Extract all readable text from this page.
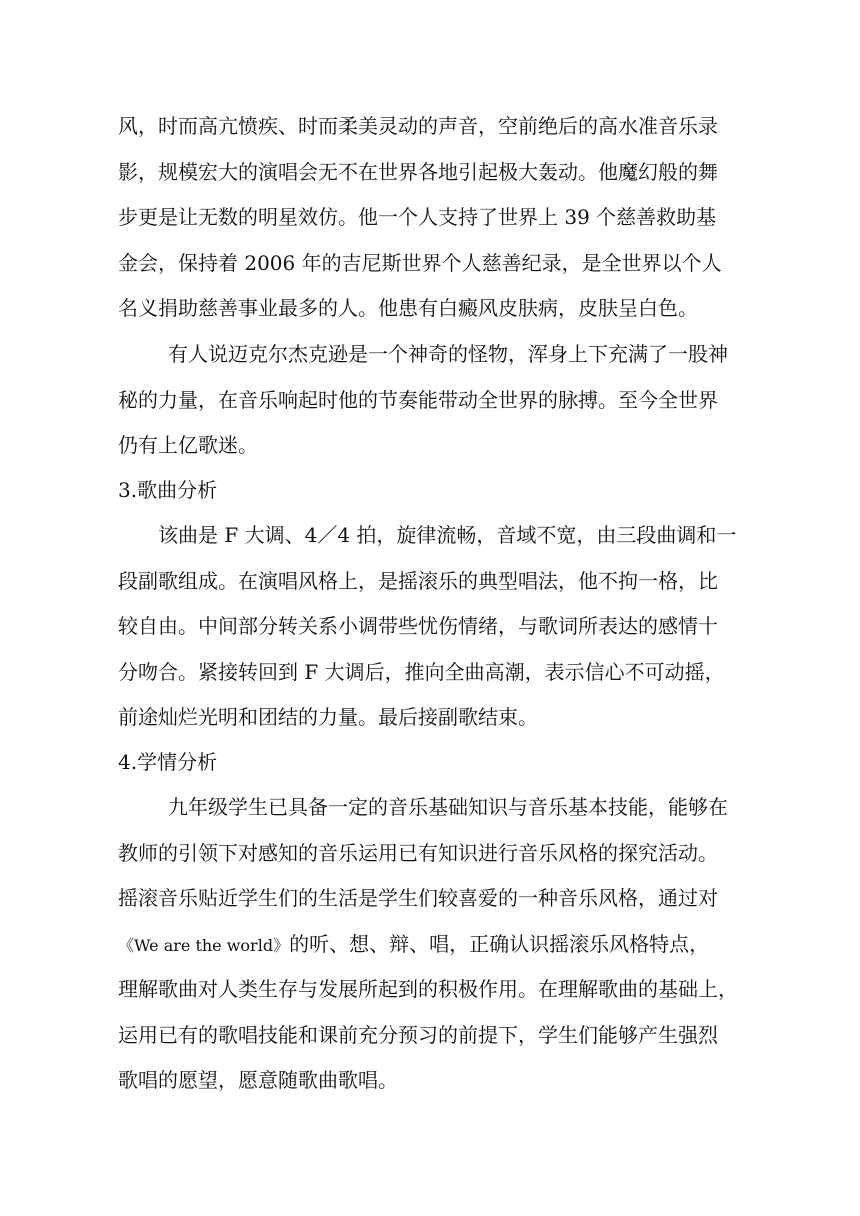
风，时而高亢愤疾、时而柔美灵动的声音，空前绝后的高水准音乐录
影，规模宏大的演唱会无不在世界各地引起极大轰动。他魔幻般的舞
步更是让无数的明星效仿。他一个人支持了世界上 39 个慈善救助基
金会，保持着 2006 年的吉尼斯世界个人慈善纪录，是全世界以个人
名义捐助慈善事业最多的人。他患有白癜风皮肤病，皮肤呈白色。
有人说迈克尔杰克逊是一个神奇的怪物，浑身上下充满了一股神
秘的力量，在音乐响起时他的节奏能带动全世界的脉搏。至今全世界
仍有上亿歌迷。
3.歌曲分析
该曲是 F 大调、4／4 拍，旋律流畅，音域不宽，由三段曲调和一
段副歌组成。在演唱风格上，是摇滚乐的典型唱法，他不拘一格，比
较自由。中间部分转关系小调带些忧伤情绪，与歌词所表达的感情十
分吻合。紧接转回到 F 大调后，推向全曲高潮，表示信心不可动摇，
前途灿烂光明和团结的力量。最后接副歌结束。
4.学情分析
九年级学生已具备一定的音乐基础知识与音乐基本技能，能够在
教师的引领下对感知的音乐运用已有知识进行音乐风格的探究活动。
摇滚音乐贴近学生们的生活是学生们较喜爱的一种音乐风格，通过对
《We are the world》的听、想、辩、唱，正确认识摇滚乐风格特点，
理解歌曲对人类生存与发展所起到的积极作用。在理解歌曲的基础上，
运用已有的歌唱技能和课前充分预习的前提下，学生们能够产生强烈
歌唱的愿望，愿意随歌曲歌唱。
